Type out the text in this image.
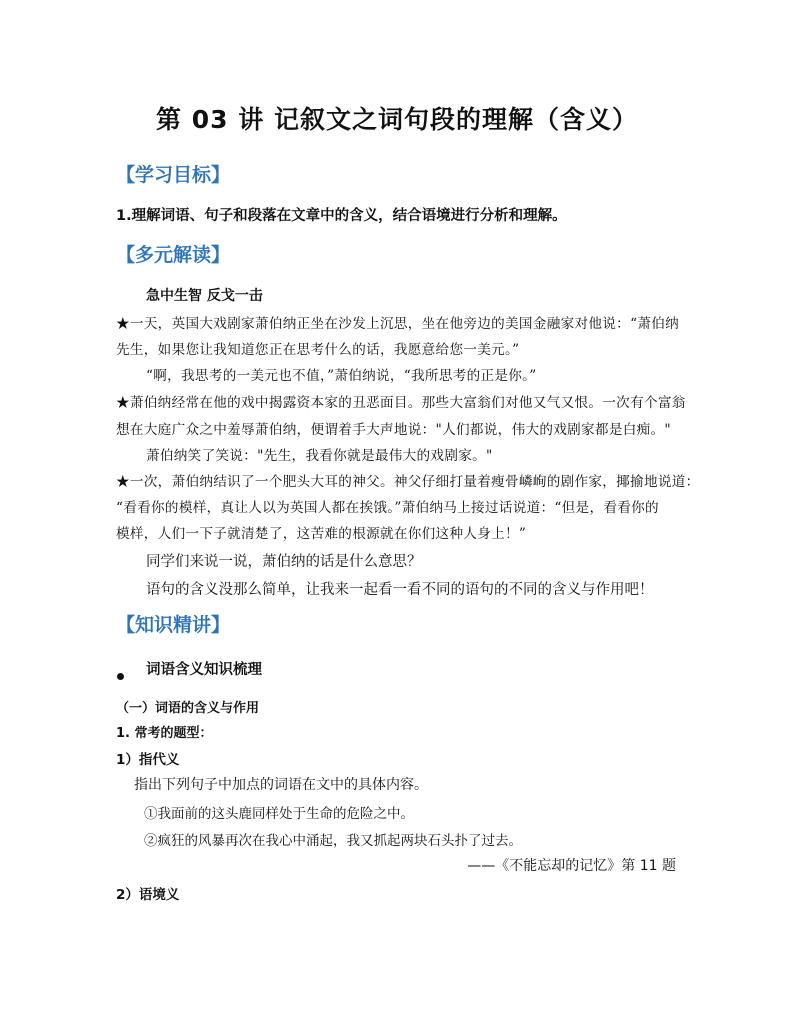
第 03 讲 记叙文之词句段的理解（含义）
【学习目标】
1.理解词语、句子和段落在文章中的含义，结合语境进行分析和理解。
【多元解读】
急中生智 反戈一击
★一天，英国大戏剧家萧伯纳正坐在沙发上沉思，坐在他旁边的美国金融家对他说：“萧伯纳
先生，如果您让我知道您正在思考什么的话，我愿意给您一美元。”
“啊，我思考的一美元也不值，”萧伯纳说，“我所思考的正是你。”
★萧伯纳经常在他的戏中揭露资本家的丑恶面目。那些大富翁们对他又气又恨。一次有个富翁
想在大庭广众之中羞辱萧伯纳，便谓着手大声地说："人们都说，伟大的戏剧家都是白痴。"
萧伯纳笑了笑说："先生，我看你就是最伟大的戏剧家。"
★一次，萧伯纳结识了一个肥头大耳的神父。神父仔细打量着瘦骨嶙峋的剧作家，揶揄地说道：
“看看你的模样，真让人以为英国人都在挨饿。”萧伯纳马上接过话说道：“但是，看看你的
模样，人们一下子就清楚了，这苦难的根源就在你们这种人身上！”
同学们来说一说，萧伯纳的话是什么意思？
语句的含义没那么简单，让我来一起看一看不同的语句的不同的含义与作用吧！
【知识精讲】
词语含义知识梳理
（一）词语的含义与作用
1. 常考的题型：
1）指代义
指出下列句子中加点的词语在文中的具体内容。
①我面前的这头鹿同样处于生命的危险之中。
②疯狂的风暴再次在我心中涌起，我又抓起两块石头扑了过去。
——《不能忘却的记忆》第 11 题
2）语境义
